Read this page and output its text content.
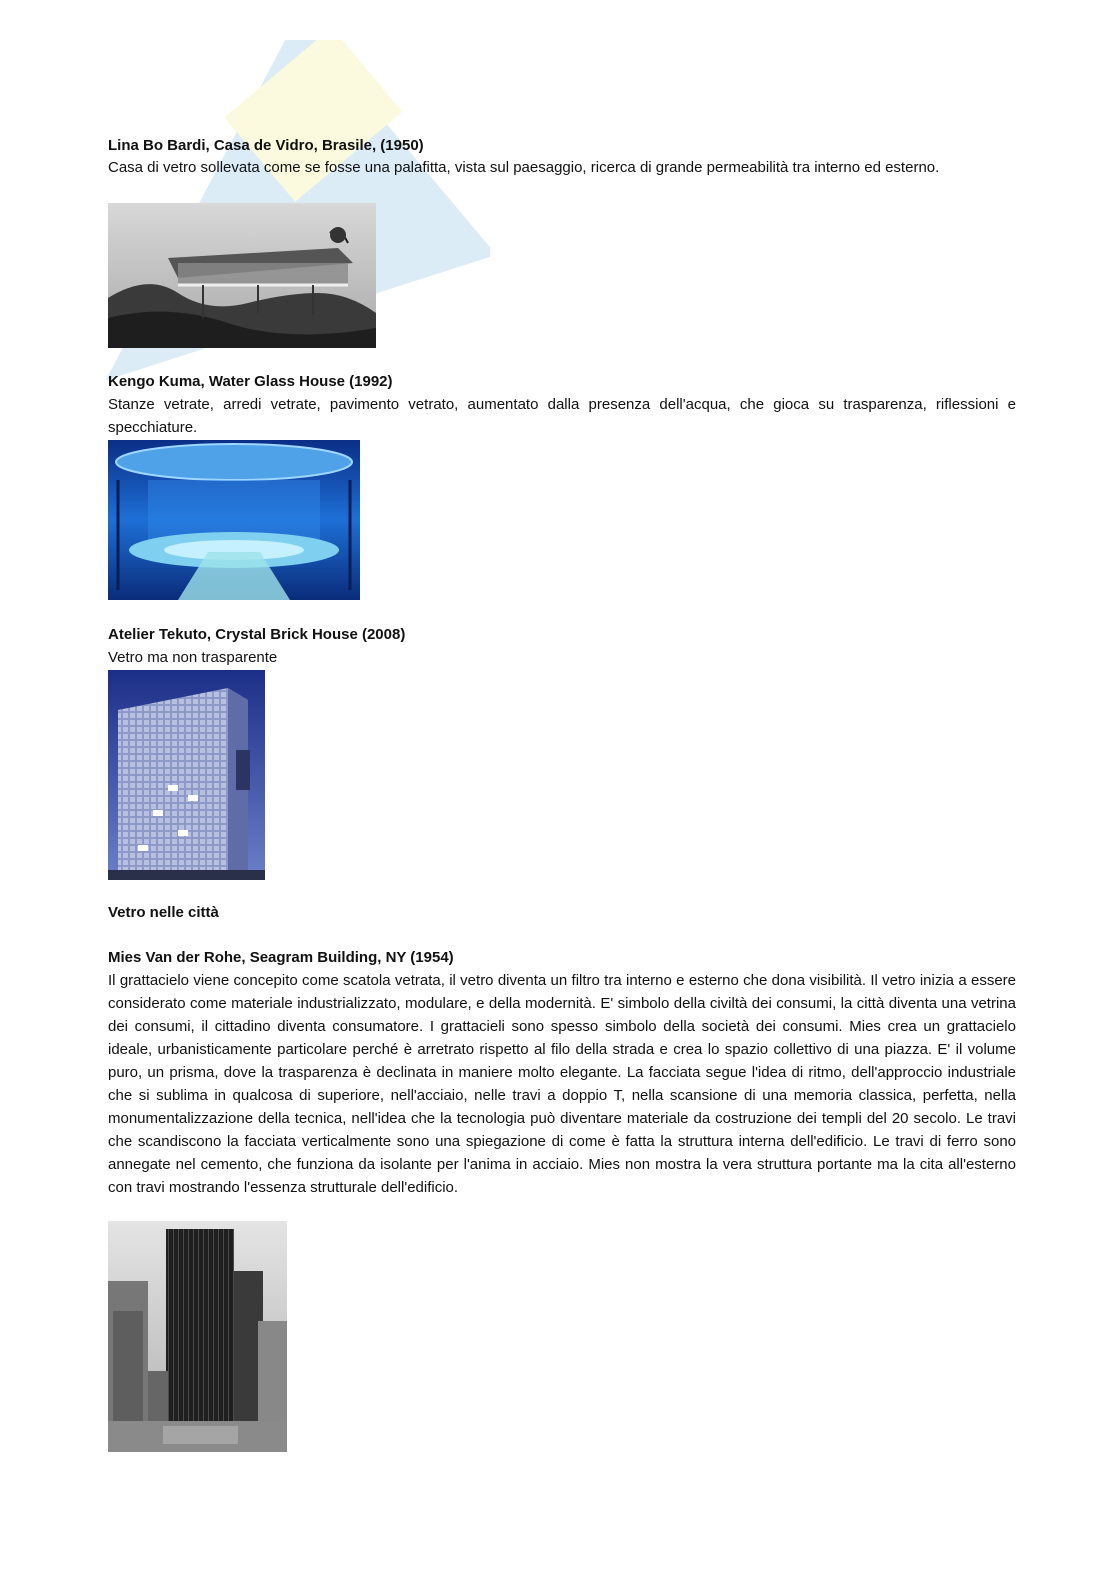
Lina Bo Bardi, Casa de Vidro, Brasile, (1950)
Casa di vetro sollevata come se fosse una palafitta, vista sul paesaggio, ricerca di grande permeabilità tra interno ed esterno.
Kengo Kuma, Water Glass House (1992)
Stanze vetrate, arredi vetrate, pavimento vetrato, aumentato dalla presenza dell'acqua, che gioca su trasparenza, riflessioni e specchiature.
Atelier Tekuto, Crystal Brick House (2008)
Vetro ma non trasparente
Vetro nelle città
Mies Van der Rohe, Seagram Building, NY (1954)
Il grattacielo viene concepito come scatola vetrata, il vetro diventa un filtro tra interno e esterno che dona visibilità. Il vetro inizia a essere considerato come materiale industrializzato, modulare, e della modernità. E' simbolo della civiltà dei consumi, la città diventa una vetrina dei consumi, il cittadino diventa consumatore. I grattacieli sono spesso simbolo della società dei consumi. Mies crea un grattacielo ideale, urbanisticamente particolare perché è arretrato rispetto al filo della strada e crea lo spazio collettivo di una piazza. E' il volume puro, un prisma, dove la trasparenza è declinata in maniere molto elegante. La facciata segue l'idea di ritmo, dell'approccio industriale che si sublima in qualcosa di superiore, nell'acciaio, nelle travi a doppio T, nella scansione di una memoria classica, perfetta, nella monumentalizzazione della tecnica, nell'idea che la tecnologia può diventare materiale da costruzione dei templi del 20 secolo. Le travi che scandiscono la facciata verticalmente sono una spiegazione di come è fatta la struttura interna dell'edificio. Le travi di ferro sono annegate nel cemento, che funziona da isolante per l'anima in acciaio. Mies non mostra la vera struttura portante ma la cita all'esterno con travi mostrando l'essenza strutturale dell'edificio.
